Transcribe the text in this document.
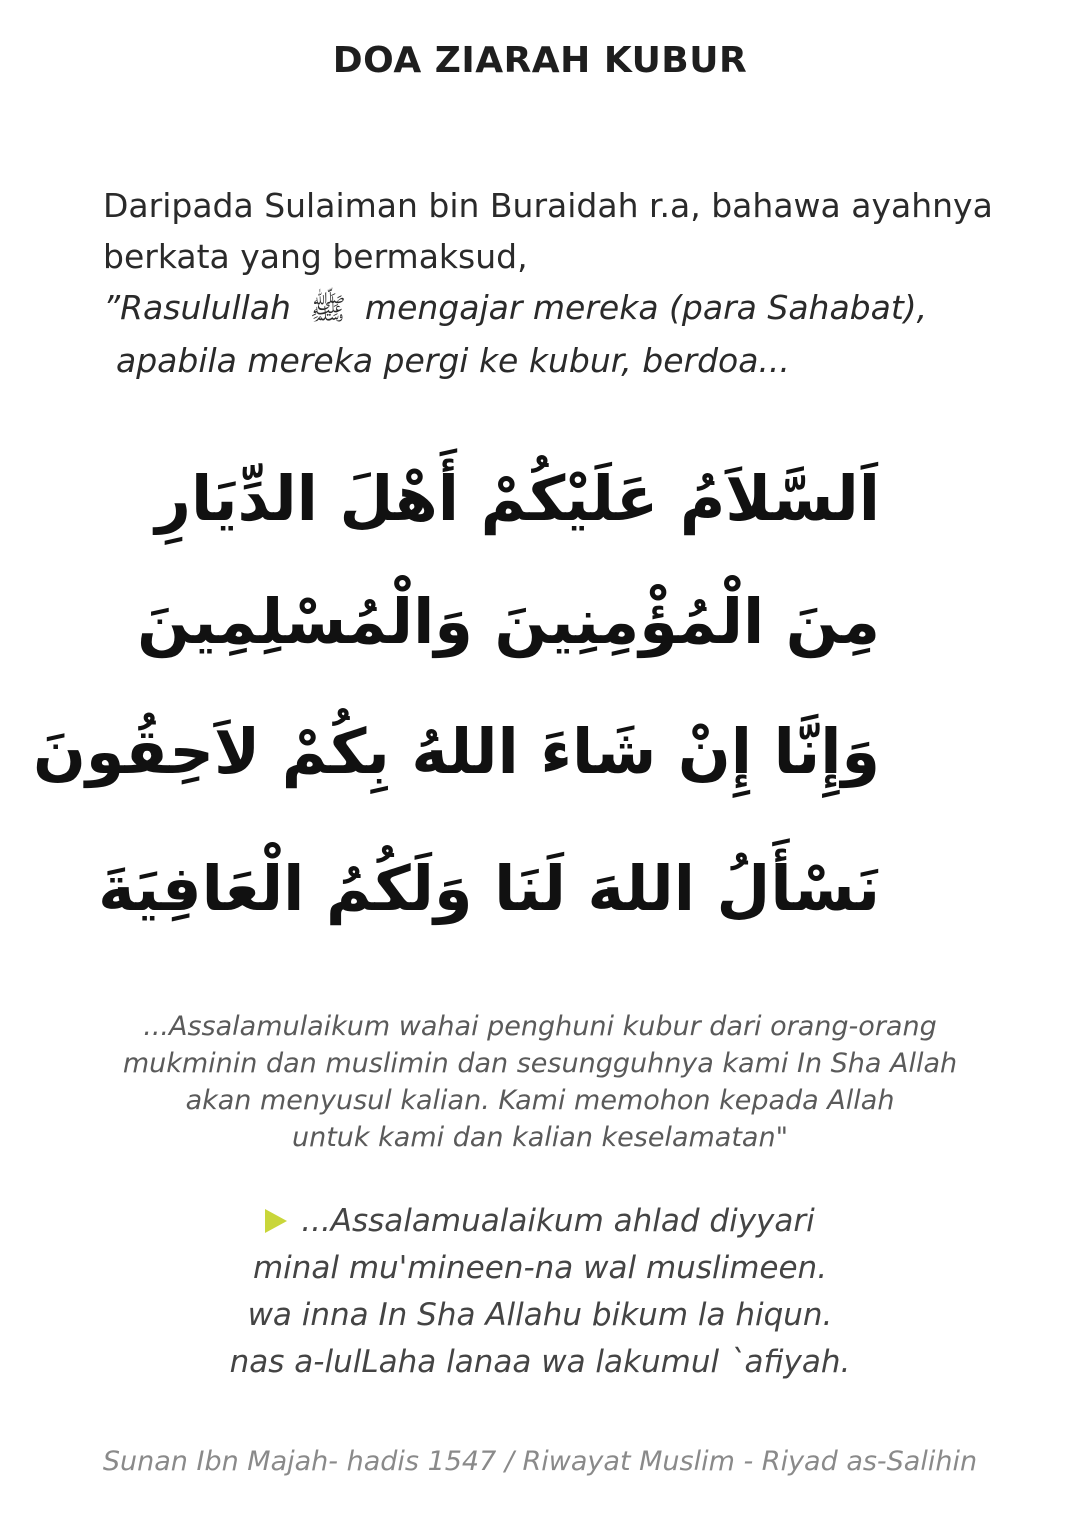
DOA ZIARAH KUBUR
Daripada Sulaiman bin Buraidah r.a, bahawa ayahnya
berkata yang bermaksud,
”Rasulullah ﷺ mengajar mereka (para Sahabat),
apabila mereka pergi ke kubur, berdoa...
اَلسَّلاَمُ عَلَيْكُمْ أَهْلَ الدِّيَارِ
مِنَ الْمُؤْمِنِينَ وَالْمُسْلِمِينَ
وَإِنَّا إِنْ شَاءَ اللهُ بِكُمْ لاَحِقُونَ
نَسْأَلُ اللهَ لَنَا وَلَكُمُ الْعَافِيَةَ
...Assalamulaikum wahai penghuni kubur dari orang-orang
mukminin dan muslimin dan sesungguhnya kami In Sha Allah
akan menyusul kalian. Kami memohon kepada Allah
untuk kami dan kalian keselamatan"
...Assalamualaikum ahlad diyyari
minal mu'mineen-na wal muslimeen.
wa inna In Sha Allahu bikum la hiqun.
nas a-lulLaha lanaa wa lakumul `afiyah.
Sunan Ibn Majah- hadis 1547 / Riwayat Muslim - Riyad as-Salihin
